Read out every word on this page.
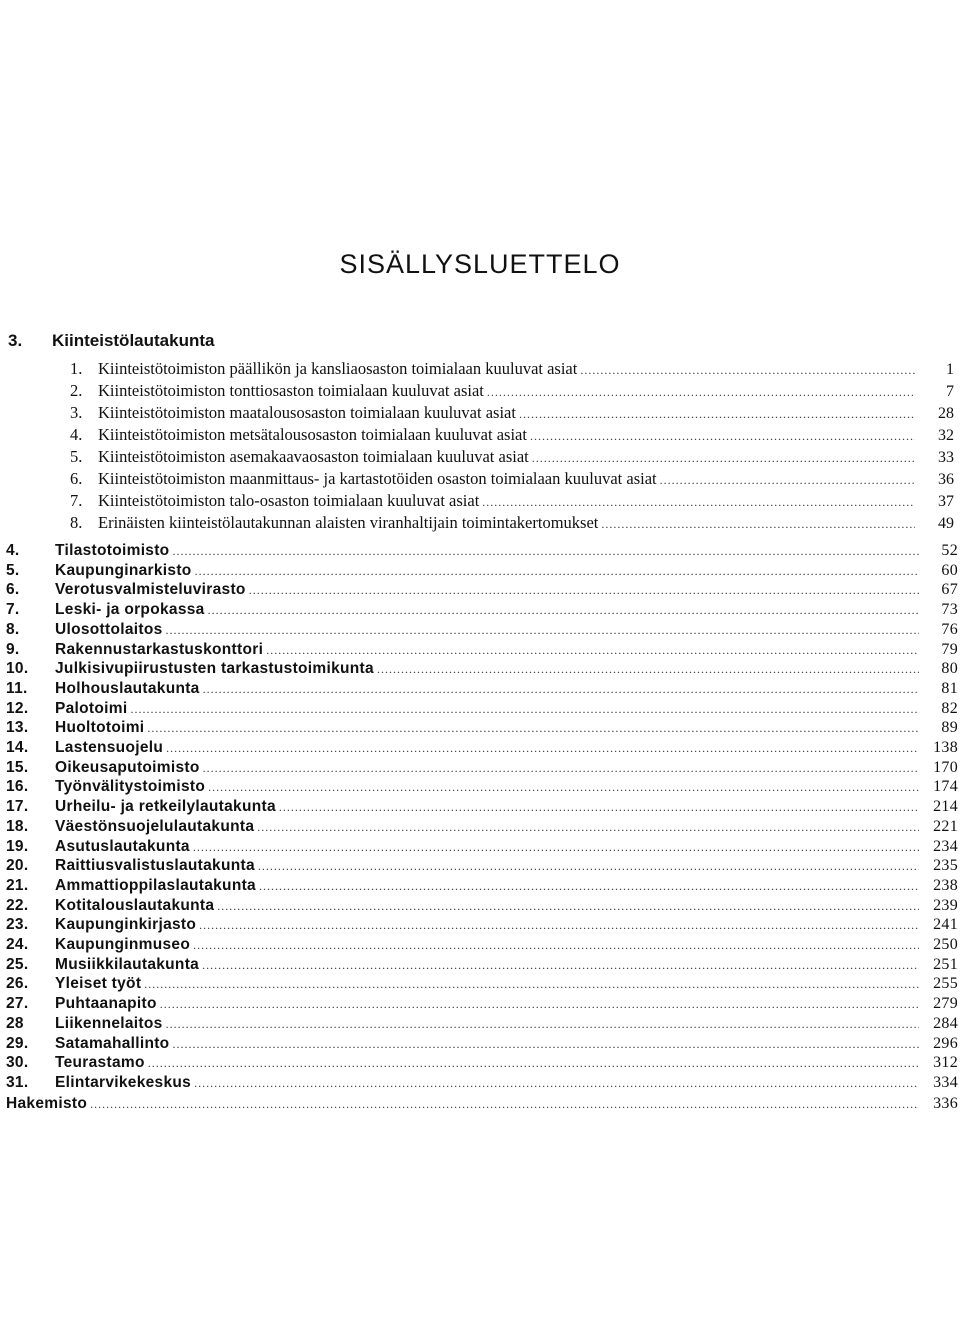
SISÄLLYSLUETTELO
3. Kiinteistölautakunta
1. Kiinteistötoimiston päällikön ja kansliaosaston toimialaan kuuluvat asiat .....	1
2. Kiinteistötoimiston tonttiosaston toimialaan kuuluvat asiat .....	7
3. Kiinteistötoimiston maatalousosaston toimialaan kuuluvat asiat .....	28
4. Kiinteistötoimiston metsätalousosaston toimialaan kuuluvat asiat .....	32
5. Kiinteistötoimiston asemakaavaosaston toimialaan kuuluvat asiat .....	33
6. Kiinteistötoimiston maanmittaus- ja kartastotöiden osaston toimialaan kuuluvat asiat .....	36
7. Kiinteistötoimiston talo-osaston toimialaan kuuluvat asiat .....	37
8. Erinäisten kiinteistölautakunnan alaisten viranhaltijain toimintakertomukset .....	49
4.	Tilastotoimisto .....	52
5.	Kaupunginarkisto .....	60
6.	Verotusvalmisteluvirasto .....	67
7.	Leski- ja orpokassa .....	73
8.	Ulosottolaitos .....	76
9.	Rakennustarkastuskonttori .....	79
10.	Julkisivupiirustusten tarkastustoimikunta .....	80
11.	Holhouslautakunta .....	81
12.	Palotoimi .....	82
13.	Huoltotoimi .....	89
14.	Lastensuojelu .....	138
15.	Oikeusaputoimisto .....	170
16.	Työnvälitystoimisto .....	174
17.	Urheilu- ja retkeilylautakunta .....	214
18.	Väestönsuojelulautakunta .....	221
19.	Asutuslautakunta .....	234
20.	Raittiusvalistuslautakunta .....	235
21.	Ammattioppilaslautakunta .....	238
22.	Kotitalouslautakunta .....	239
23.	Kaupunginkirjasto .....	241
24.	Kaupunginmuseo .....	250
25.	Musiikkilautakunta .....	251
26.	Yleiset työt .....	255
27.	Puhtaanapito .....	279
28	Liikennelaitos .....	284
29.	Satamahallinto .....	296
30.	Teurastamo .....	312
31.	Elintarvikekeskus .....	334
Hakemisto .....	336
